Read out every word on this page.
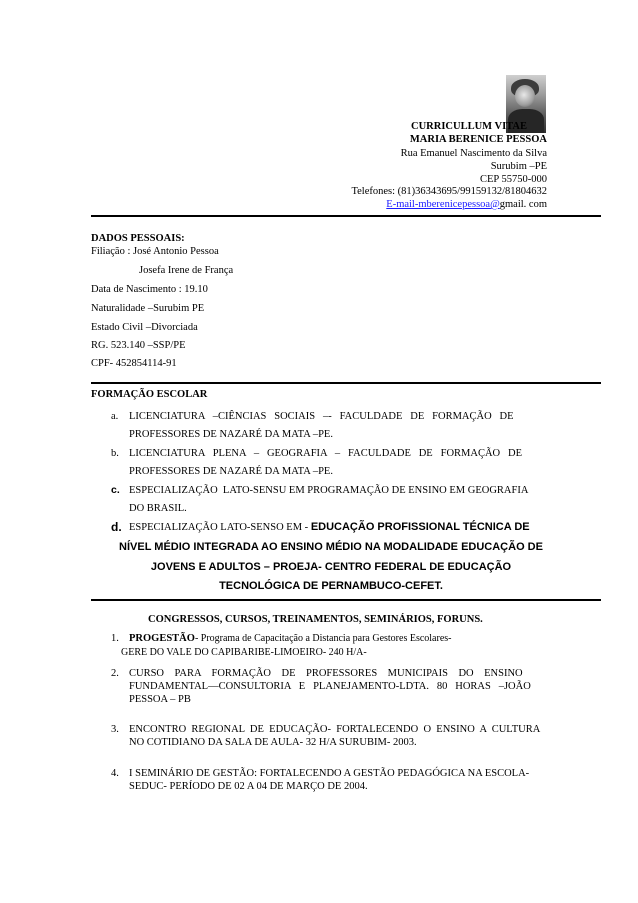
CURRICULLUM VITAE
MARIA BERENICE PESSOA
Rua Emanuel Nascimento da Silva
Surubim –PE
CEP 55750-000
Telefones: (81)36343695/99159132/81804632
E-mail-mberenicepessoa@gmail. com
DADOS PESSOAIS:
Filiação : José Antonio Pessoa
Josefa Irene de França
Data de Nascimento : 19.10
Naturalidade –Surubim PE
Estado Civil –Divorciada
RG. 523.140 –SSP/PE
CPF- 452854114-91
FORMAÇÃO ESCOLAR
a. LICENCIATURA   –CIÊNCIAS   SOCIAIS   –-   FACULDADE   DE   FORMAÇÃO   DE
PROFESSORES DE NAZARÉ DA MATA –PE.
b. LICENCIATURA   PLENA   –   GEOGRAFIA   –   FACULDADE   DE   FORMAÇÃO   DE
PROFESSORES DE NAZARÉ DA MATA –PE.
c. ESPECIALIZAÇÃO  LATO-SENSU EM PROGRAMAÇÃO DE ENSINO EM GEOGRAFIA
DO BRASIL.
d. ESPECIALIZAÇÃO LATO-SENSO EM - EDUCAÇÃO PROFISSIONAL TÉCNICA DE
NÍVEL MÉDIO INTEGRADA AO ENSINO MÉDIO NA MODALIDADE EDUCAÇÃO DE
JOVENS E ADULTOS – PROEJA- CENTRO FEDERAL DE EDUCAÇÃO
TECNOLÓGICA DE PERNAMBUCO-CEFET.
CONGRESSOS, CURSOS, TREINAMENTOS, SEMINÁRIOS, FORUNS.
1. PROGESTÃO- Programa de Capacitação a Distancia para Gestores Escolares-
GERE DO VALE DO CAPIBARIBE-LIMOEIRO- 240 H/A-
2. CURSO    PARA    FORMAÇÃO    DE    PROFESSORES    MUNICIPAIS    DO    ENSINO
FUNDAMENTAL—CONSULTORIA   E   PLANEJAMENTO-LDTA.   80   HORAS   –JOÃO
PESSOA – PB
3. ENCONTRO  REGIONAL  DE  EDUCAÇÃO-  FORTALECENDO  O  ENSINO  A  CULTURA
NO COTIDIANO DA SALA DE AULA- 32 H/A SURUBIM- 2003.
4. I SEMINÁRIO DE GESTÃO: FORTALECENDO A GESTÃO PEDAGÓGICA NA ESCOLA-
SEDUC- PERÍODO DE 02 A 04 DE MARÇO DE 2004.
